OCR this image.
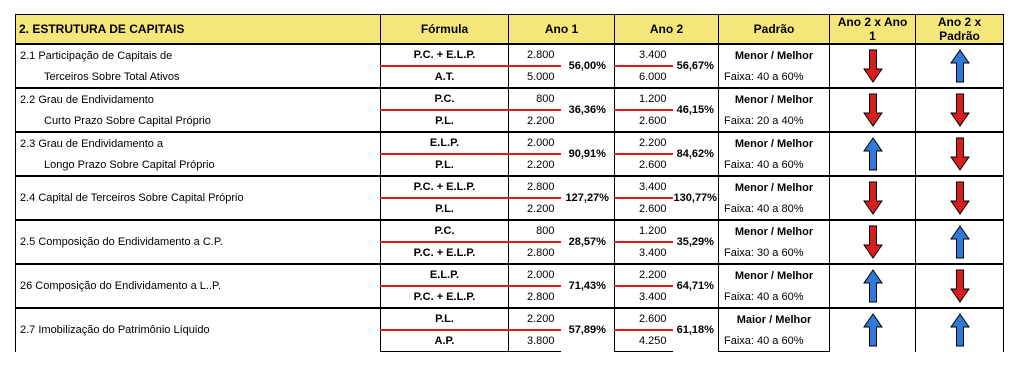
2. ESTRUTURA DE CAPITAIS	Fórmula	Ano 1		Ano 2		Padrão	Ano 2 x Ano 1	Ano 2 x Padrão
2.1 Participação de Capitais de	P.C. + E.L.P.	2.800	56,00%	3.400	56,67%	Menor / Melhor	

Terceiros Sobre Total Ativos	A.T.	5.000		6.000		Faixa: 40 a 60%		
2.2 Grau de Endividamento	P.C.	800	36,36%	1.200	46,15%	Menor / Melhor	

Curto Prazo Sobre Capital Próprio	P.L.	2.200		2.600		Faixa: 20 a 40%		
2.3 Grau de Endividamento a	E.L.P.	2.000	90,91%	2.200	84,62%	Menor / Melhor	

Longo Prazo Sobre Capital Próprio	P.L.	2.200		2.600		Faixa: 40 a 60%		
2.4 Capital de Terceiros Sobre Capital Próprio	P.C. + E.L.P.	2.800	127,27%	3.400	130,77%	Menor / Melhor	

	P.L.	2.200		2.600		Faixa: 40 a 80%		
2.5 Composição do Endividamento a C.P.	P.C.	800	28,57%	1.200	35,29%	Menor / Melhor	

	P.C. + E.L.P.	2.800		3.400		Faixa: 30 a 60%		
26 Composição do Endividamento a L..P.	E.L.P.	2.000	71,43%	2.200	64,71%	Menor / Melhor	

	P.C. + E.L.P.	2.800		3.400		Faixa: 40 a 60%		
2.7 Imobilização do Patrimônio Líquido	P.L.	2.200	57,89%	2.600	61,18%	Maior / Melhor	

	A.P.	3.800		4.250		Faixa: 40 a 60%		
